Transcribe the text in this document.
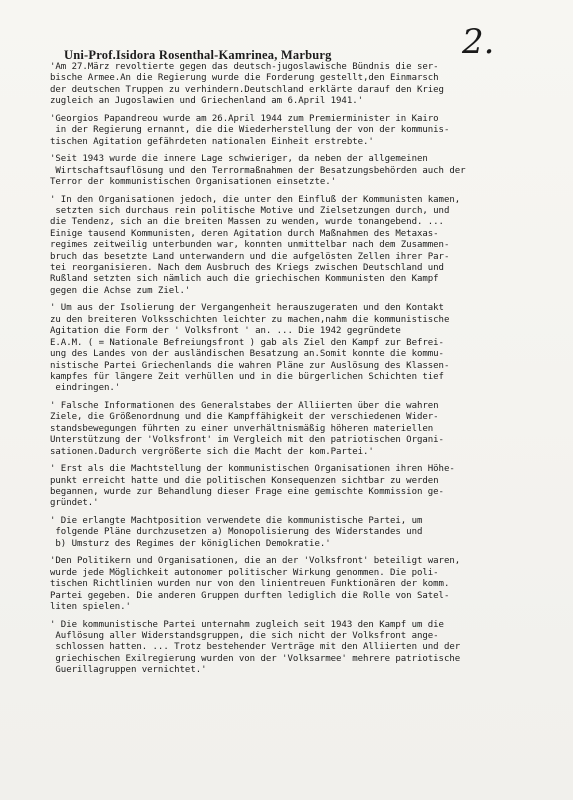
Uni-Prof.Isidora Rosenthal-Kamrinea, Marburg	2.
'Am 27.März revoltierte gegen das deutsch-jugoslawische Bündnis die ser-
bische Armee.An die Regierung wurde die Forderung gestellt,den Einmarsch
der deutschen Truppen zu verhindern.Deutschland erklärte darauf den Krieg
zugleich an Jugoslawien und Griechenland am 6.April 1941.'
'Georgios Papandreou wurde am 26.April 1944 zum Premierminister in Kairo
in der Regierung ernannt, die die Wiederherstellung der von der kommunis-
tischen Agitation gefährdeten nationalen Einheit erstrebte.'
'Seit 1943 wurde die innere Lage schwieriger, da neben der allgemeinen
Wirtschaftsauflösung und den Terrormaßnahmen der Besatzungsbehörden auch der
Terror der kommunistischen Organisationen einsetzte.'
' In den Organisationen jedoch, die unter den Einfluß der Kommunisten kamen,
setzten sich durchaus rein politische Motive und Zielsetzungen durch, und
die Tendenz, sich an die breiten Massen zu wenden, wurde tonangebend. ...
Einige tausend Kommunisten, deren Agitation durch Maßnahmen des Metaxas-
regimes zeitweilig unterbunden war, konnten unmittelbar nach dem Zusammen-
bruch das besetzte Land unterwandern und die aufgelösten Zellen ihrer Par-
tei reorganisieren. Nach dem Ausbruch des Kriegs zwischen Deutschland und
Rußland setzten sich nämlich auch die griechischen Kommunisten den Kampf
gegen die Achse zum Ziel.'
' Um aus der Isolierung der Vergangenheit herauszugeraten und den Kontakt
zu den breiteren Volksschichten leichter zu machen,nahm die kommunistische
Agitation die Form der ' Volksfront ' an. ... Die 1942 gegründete
E.A.M. ( = Nationale Befreiungsfront ) gab als Ziel den Kampf zur Befrei-
ung des Landes von der ausländischen Besatzung an.Somit konnte die kommu-
nistische Partei Griechenlands die wahren Pläne zur Auslösung des Klassen-
kampfes für längere Zeit verhüllen und in die bürgerlichen Schichten tief
eindringen.'
' Falsche Informationen des Generalstabes der Alliierten über die wahren
Ziele, die Größenordnung und die Kampffähigkeit der verschiedenen Wider-
standsbewegungen führten zu einer unverhältnismäßig höheren materiellen
Unterstützung der 'Volksfront' im Vergleich mit den patriotischen Organi-
sationen.Dadurch vergrößerte sich die Macht der kom.Partei.'
' Erst als die Machtstellung der kommunistischen Organisationen ihren Höhe-
punkt erreicht hatte und die politischen Konsequenzen sichtbar zu werden
begannen, wurde zur Behandlung dieser Frage eine gemischte Kommission ge-
gründet.'
' Die erlangte Machtposition verwendete die kommunistische Partei, um
folgende Pläne durchzusetzen a) Monopolisierung des Widerstandes und
b) Umsturz des Regimes der königlichen Demokratie.'
'Den Politikern und Organisationen, die an der 'Volksfront' beteiligt waren,
wurde jede Möglichkeit autonomer politischer Wirkung genommen. Die poli-
tischen Richtlinien wurden nur von den linientreuen Funktionären der komm.
Partei gegeben. Die anderen Gruppen durften lediglich die Rolle von Satel-
liten spielen.'
' Die kommunistische Partei unternahm zugleich seit 1943 den Kampf um die
Auflösung aller Widerstandsgruppen, die sich nicht der Volksfront ange-
schlossen hatten. ... Trotz bestehender Verträge mit den Alliierten und der
griechischen Exilregierung wurden von der 'Volksarmee' mehrere patriotische
Guerillagruppen vernichtet.'
